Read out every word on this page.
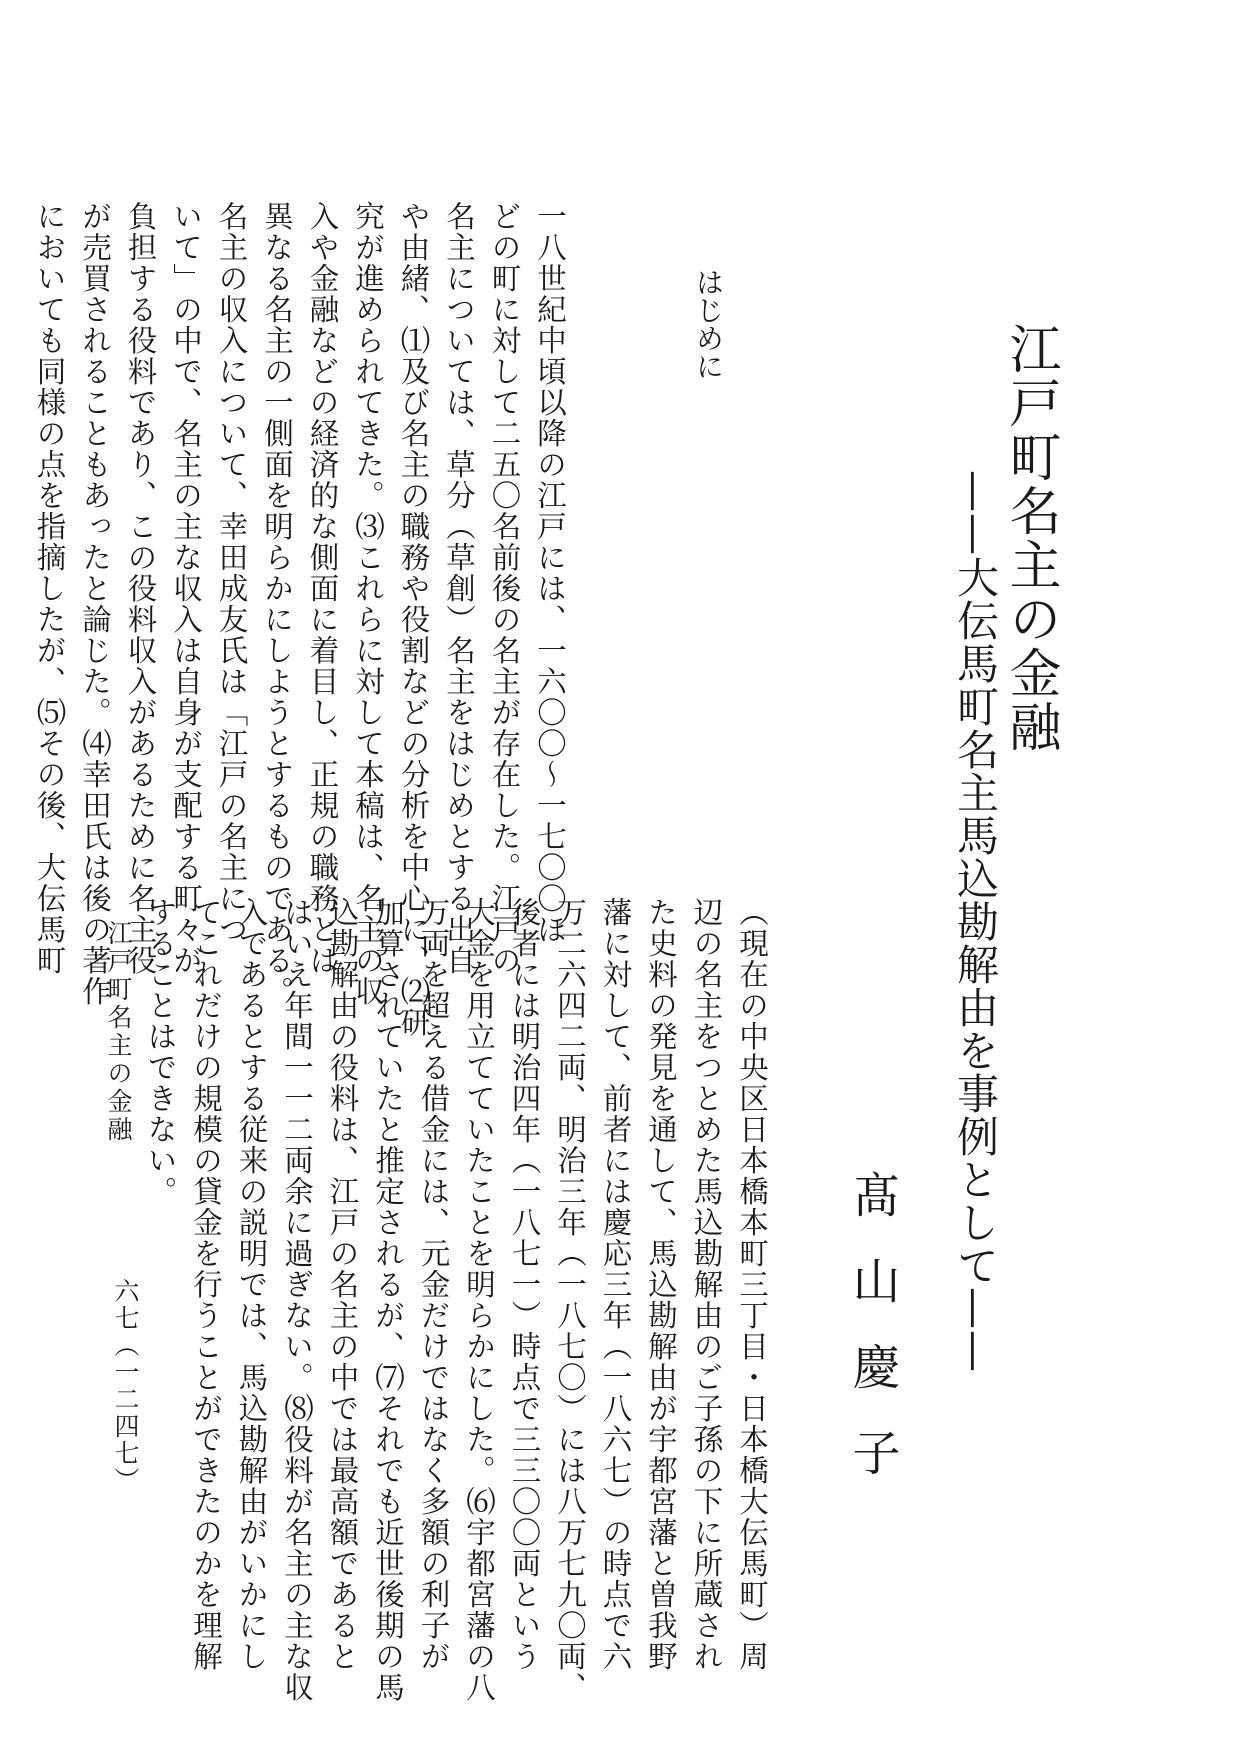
江戸町名主の金融
——大伝馬町名主馬込勘解由を事例として——
髙山慶子
はじめに
一八世紀中頃以降の江戸には、一六〇〇～一七〇〇ほ
どの町に対して二五〇名前後の名主が存在した。江戸の
名主については、草分（草創）名主をはじめとする出自
や由緒、⑴及び名主の職務や役割などの分析を中心に、⑵研
究が進められてきた。⑶これらに対して本稿は、名主の収
入や金融などの経済的な側面に着目し、正規の職務とは
異なる名主の一側面を明らかにしようとするものである。
名主の収入について、幸田成友氏は「江戸の名主につ
いて」の中で、名主の主な収入は自身が支配する町々が
負担する役料であり、この役料収入があるために名主役
が売買されることもあったと論じた。⑷幸田氏は後の著作
においても同様の点を指摘したが、⑸その後、大伝馬町
（現在の中央区日本橋本町三丁目・日本橋大伝馬町）周
辺の名主をつとめた馬込勘解由のご子孫の下に所蔵され
た史料の発見を通して、馬込勘解由が宇都宮藩と曽我野
藩に対して、前者には慶応三年（一八六七）の時点で六
万二六四二両、明治三年（一八七〇）には八万七九〇両、
後者には明治四年（一八七一）時点で三三〇〇両という
大金を用立てていたことを明らかにした。⑹宇都宮藩の八
万両を超える借金には、元金だけではなく多額の利子が
加算されていたと推定されるが、⑺それでも近世後期の馬
込勘解由の役料は、江戸の名主の中では最高額であると
はいえ年間一一二両余に過ぎない。⑻役料が名主の主な収
入であるとする従来の説明では、馬込勘解由がいかにし
てこれだけの規模の貸金を行うことができたのかを理解
することはできない。
江戸町名主の金融
六七（一二四七）
